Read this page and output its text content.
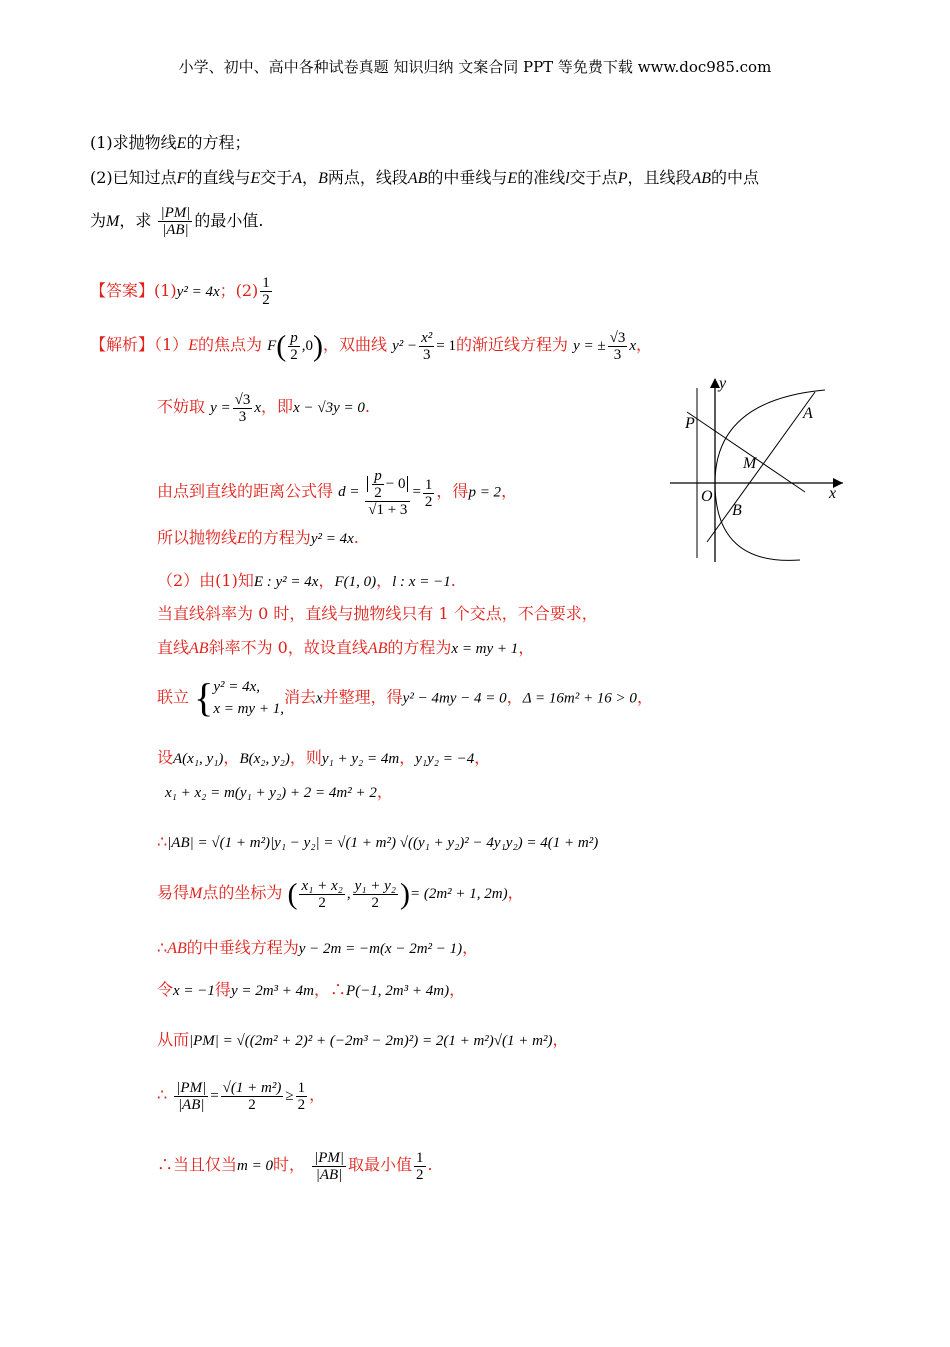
小学、初中、高中各种试卷真题 知识归纳 文案合同 PPT 等免费下载 www.doc985.com
(1)求抛物线E的方程；
(2)已知过点F的直线与E交于A，B两点，线段AB的中垂线与E的准线l交于点P，且线段AB的中点
为M，求 $\frac{|PM|}{|AB|}$ 的最小值.
【答案】(1)y² = 4x；$(2) \frac{1}{2}$
【解析】（1）E的焦点为 $F( \frac{p}{2} ,0)$，双曲线 $y^2 - \frac{\text{x²}}{3} = 1$的渐近线方程为 y = ± $\frac{√3}{3}$ x，
不妨取 $y = \frac{√3}{3}$ x，即x − √3y = 0.
由点到直线的距离公式得 $d = \frac{\frac{p}{2} - 0}{√1 + 3} = \frac{1}{2}$ ，得p = 2，
所以抛物线E的方程为y² = 4x.
（2）由(1)知E : y² = 4x，F(1, 0)，l : x = −1.
当直线斜率为 0 时，直线与抛物线只有 1 个交点，不合要求，
直线AB斜率不为 0，故设直线AB的方程为x = my + 1，
联立 { y² = 4x,
x = my + 1,
消去x并整理，得y² − 4my − 4 = 0，Δ = 16m² + 16 > 0，
设A(x₁, y₁)，B(x₂, y₂)，则y₁ + y₂ = 4m，y₁y₂ = −4，
x₁ + x₂ = m(y₁ + y₂) + 2 = 4m² + 2，
∴|AB| = √(1 + m²)|y₁ − y₂| = √(1 + m²) √((y₁ + y₂)² − 4y₁y₂) = 4(1 + m²)
易得M点的坐标为 ( $\frac{\text{x₁ + x₂}}{2}$ , $\frac{\text{y₁ + y₂}}{2}$ )= (2m² + 1, 2m)，
∴AB的中垂线方程为y − 2m = −m(x − 2m² − 1)，
令x = −1得y = 2m³ + 4m，∴P(−1, 2m³ + 4m)，
从而|PM| = √((2m² + 2)² + (−2m³ − 2m)²) = 2(1 + m²)√(1 + m²)，
∴ $\frac{|PM|}{|AB|} = \frac{\text{√(1 + m²)}}{2} \ge \frac{1}{2}$ ，
∴当且仅当m = 0时， $\frac{|PM|}{|AB|}$ 取最小值 $\frac{1}{2}$ .
y
x
P
A
M
O
B
